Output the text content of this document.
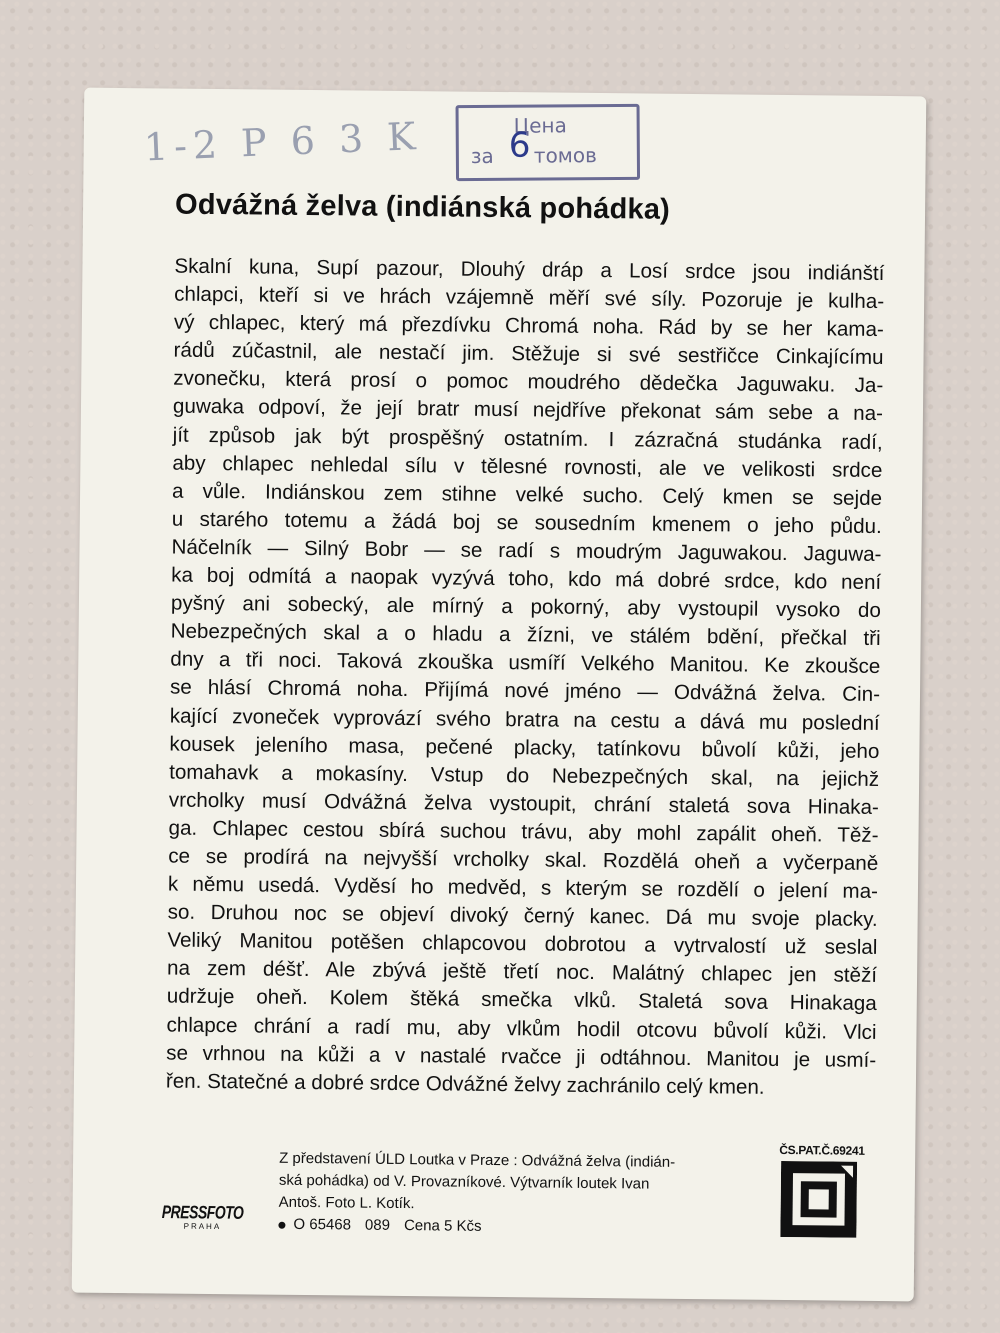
1-2 P 6 3 K	Цена
за томов
6
Odvážná želva (indiánská pohádka)
Skalní kuna, Supí pazour, Dlouhý dráp a Losí srdce jsou indiánští
chlapci, kteří si ve hrách vzájemně měří své síly. Pozoruje je kulha-
vý chlapec, který má přezdívku Chromá noha. Rád by se her kama-
rádů zúčastnil, ale nestačí jim. Stěžuje si své sestřičce Cinkajícímu
zvonečku, která prosí o pomoc moudrého dědečka Jaguwaku. Ja-
guwaka odpoví, že její bratr musí nejdříve překonat sám sebe a na-
jít způsob jak být prospěšný ostatním. I zázračná studánka radí,
aby chlapec nehledal sílu v tělesné rovnosti, ale ve velikosti srdce
a vůle. Indiánskou zem stihne velké sucho. Celý kmen se sejde
u starého totemu a žádá boj se sousedním kmenem o jeho půdu.
Náčelník — Silný Bobr — se radí s moudrým Jaguwakou. Jaguwa-
ka boj odmítá a naopak vyzývá toho, kdo má dobré srdce, kdo není
pyšný ani sobecký, ale mírný a pokorný, aby vystoupil vysoko do
Nebezpečných skal a o hladu a žízni, ve stálém bdění, přečkal tři
dny a tři noci. Taková zkouška usmíří Velkého Manitou. Ke zkoušce
se hlásí Chromá noha. Přijímá nové jméno — Odvážná želva. Cin-
kající zvoneček vyprovází svého bratra na cestu a dává mu poslední
kousek jeleního masa, pečené placky, tatínkovu bůvolí kůži, jeho
tomahavk a mokasíny. Vstup do Nebezpečných skal, na jejichž
vrcholky musí Odvážná želva vystoupit, chrání staletá sova Hinaka-
ga. Chlapec cestou sbírá suchou trávu, aby mohl zapálit oheň. Těž-
ce se prodírá na nejvyšší vrcholky skal. Rozdělá oheň a vyčerpaně
k němu usedá. Vyděsí ho medvěd, s kterým se rozdělí o jelení ma-
so. Druhou noc se objeví divoký černý kanec. Dá mu svoje placky.
Veliký Manitou potěšen chlapcovou dobrotou a vytrvalostí už seslal
na zem déšť. Ale zbývá ještě třetí noc. Malátný chlapec jen stěží
udržuje oheň. Kolem štěká smečka vlků. Staletá sova Hinakaga
chlapce chrání a radí mu, aby vlkům hodil otcovu bůvolí kůži. Vlci
se vrhnou na kůži a v nastalé rvačce ji odtáhnou. Manitou je usmí-
řen. Statečné a dobré srdce Odvážné želvy zachránilo celý kmen.
PRESSFOTO
PRAHA
Z představení ÚLD Loutka v Praze : Odvážná želva (indián-
ská pohádka) od V. Provazníkové. Výtvarník loutek Ivan
Antoš. Foto L. Kotík.
O 65468 089 Cena 5 Kčs
ČS.PAT.Č.69241
